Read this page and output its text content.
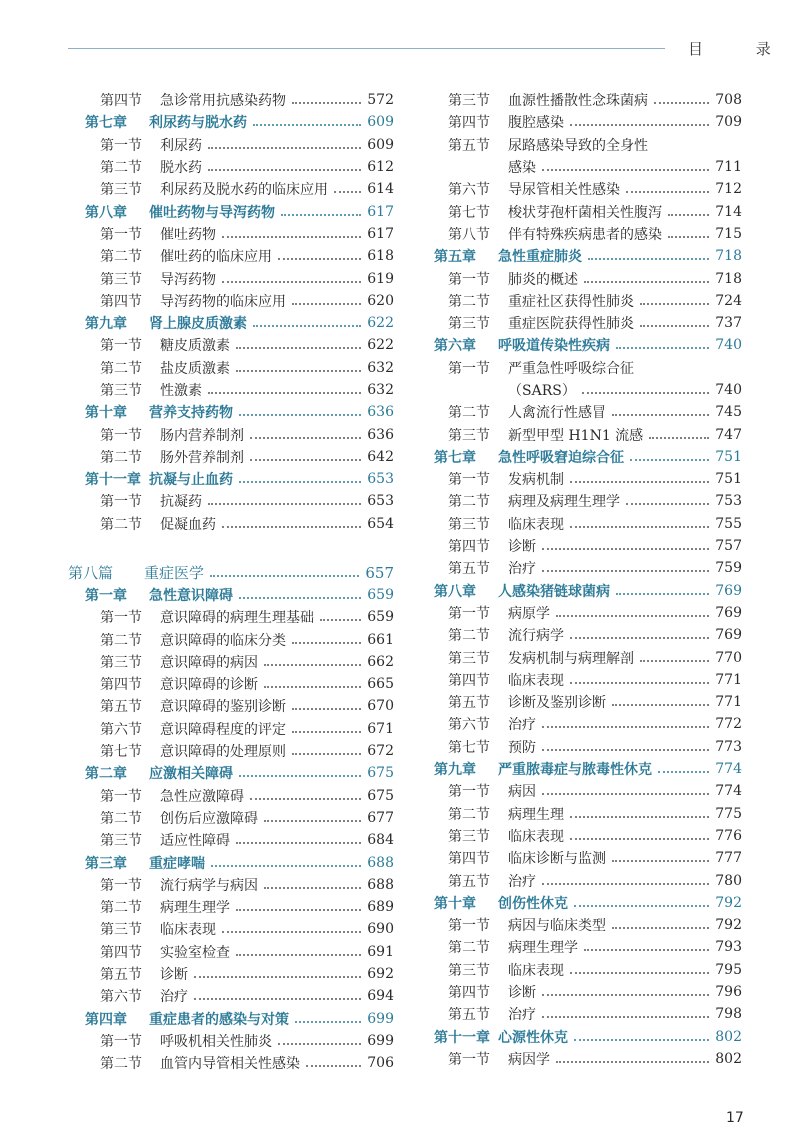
目 录
第四节	急诊常用抗感染药物	572
第七章	利尿药与脱水药	609
第一节	利尿药	609
第二节	脱水药	612
第三节	利尿药及脱水药的临床应用	614
第八章	催吐药物与导泻药物	617
第一节	催吐药物	617
第二节	催吐药的临床应用	618
第三节	导泻药物	619
第四节	导泻药物的临床应用	620
第九章	肾上腺皮质激素	622
第一节	糖皮质激素	622
第二节	盐皮质激素	632
第三节	性激素	632
第十章	营养支持药物	636
第一节	肠内营养制剂	636
第二节	肠外营养制剂	642
第十一章 抗凝与止血药	653
第一节	抗凝药	653
第二节	促凝血药	654
第八篇	重症医学	657
第一章	急性意识障碍	659
第一节	意识障碍的病理生理基础	659
第二节	意识障碍的临床分类	661
第三节	意识障碍的病因	662
第四节	意识障碍的诊断	665
第五节	意识障碍的鉴别诊断	670
第六节	意识障碍程度的评定	671
第七节	意识障碍的处理原则	672
第二章	应激相关障碍	675
第一节	急性应激障碍	675
第二节	创伤后应激障碍	677
第三节	适应性障碍	684
第三章	重症哮喘	688
第一节	流行病学与病因	688
第二节	病理生理学	689
第三节	临床表现	690
第四节	实验室检查	691
第五节	诊断	692
第六节	治疗	694
第四章	重症患者的感染与对策	699
第一节	呼吸机相关性肺炎	699
第二节	血管内导管相关性感染	706
第三节	血源性播散性念珠菌病	708
第四节	腹腔感染	709
第五节	尿路感染导致的全身性
感染	711
第六节	导尿管相关性感染	712
第七节	梭状芽孢杆菌相关性腹泻	714
第八节	伴有特殊疾病患者的感染	715
第五章	急性重症肺炎	718
第一节	肺炎的概述	718
第二节	重症社区获得性肺炎	724
第三节	重症医院获得性肺炎	737
第六章	呼吸道传染性疾病	740
第一节	严重急性呼吸综合征
（SARS）	740
第二节	人禽流行性感冒	745
第三节	新型甲型 H1N1 流感	747
第七章	急性呼吸窘迫综合征	751
第一节	发病机制	751
第二节	病理及病理生理学	753
第三节	临床表现	755
第四节	诊断	757
第五节	治疗	759
第八章	人感染猪链球菌病	769
第一节	病原学	769
第二节	流行病学	769
第三节	发病机制与病理解剖	770
第四节	临床表现	771
第五节	诊断及鉴别诊断	771
第六节	治疗	772
第七节	预防	773
第九章	严重脓毒症与脓毒性休克	774
第一节	病因	774
第二节	病理生理	775
第三节	临床表现	776
第四节	临床诊断与监测	777
第五节	治疗	780
第十章	创伤性休克	792
第一节	病因与临床类型	792
第二节	病理生理学	793
第三节	临床表现	795
第四节	诊断	796
第五节	治疗	798
第十一章 心源性休克	802
第一节	病因学	802
17
